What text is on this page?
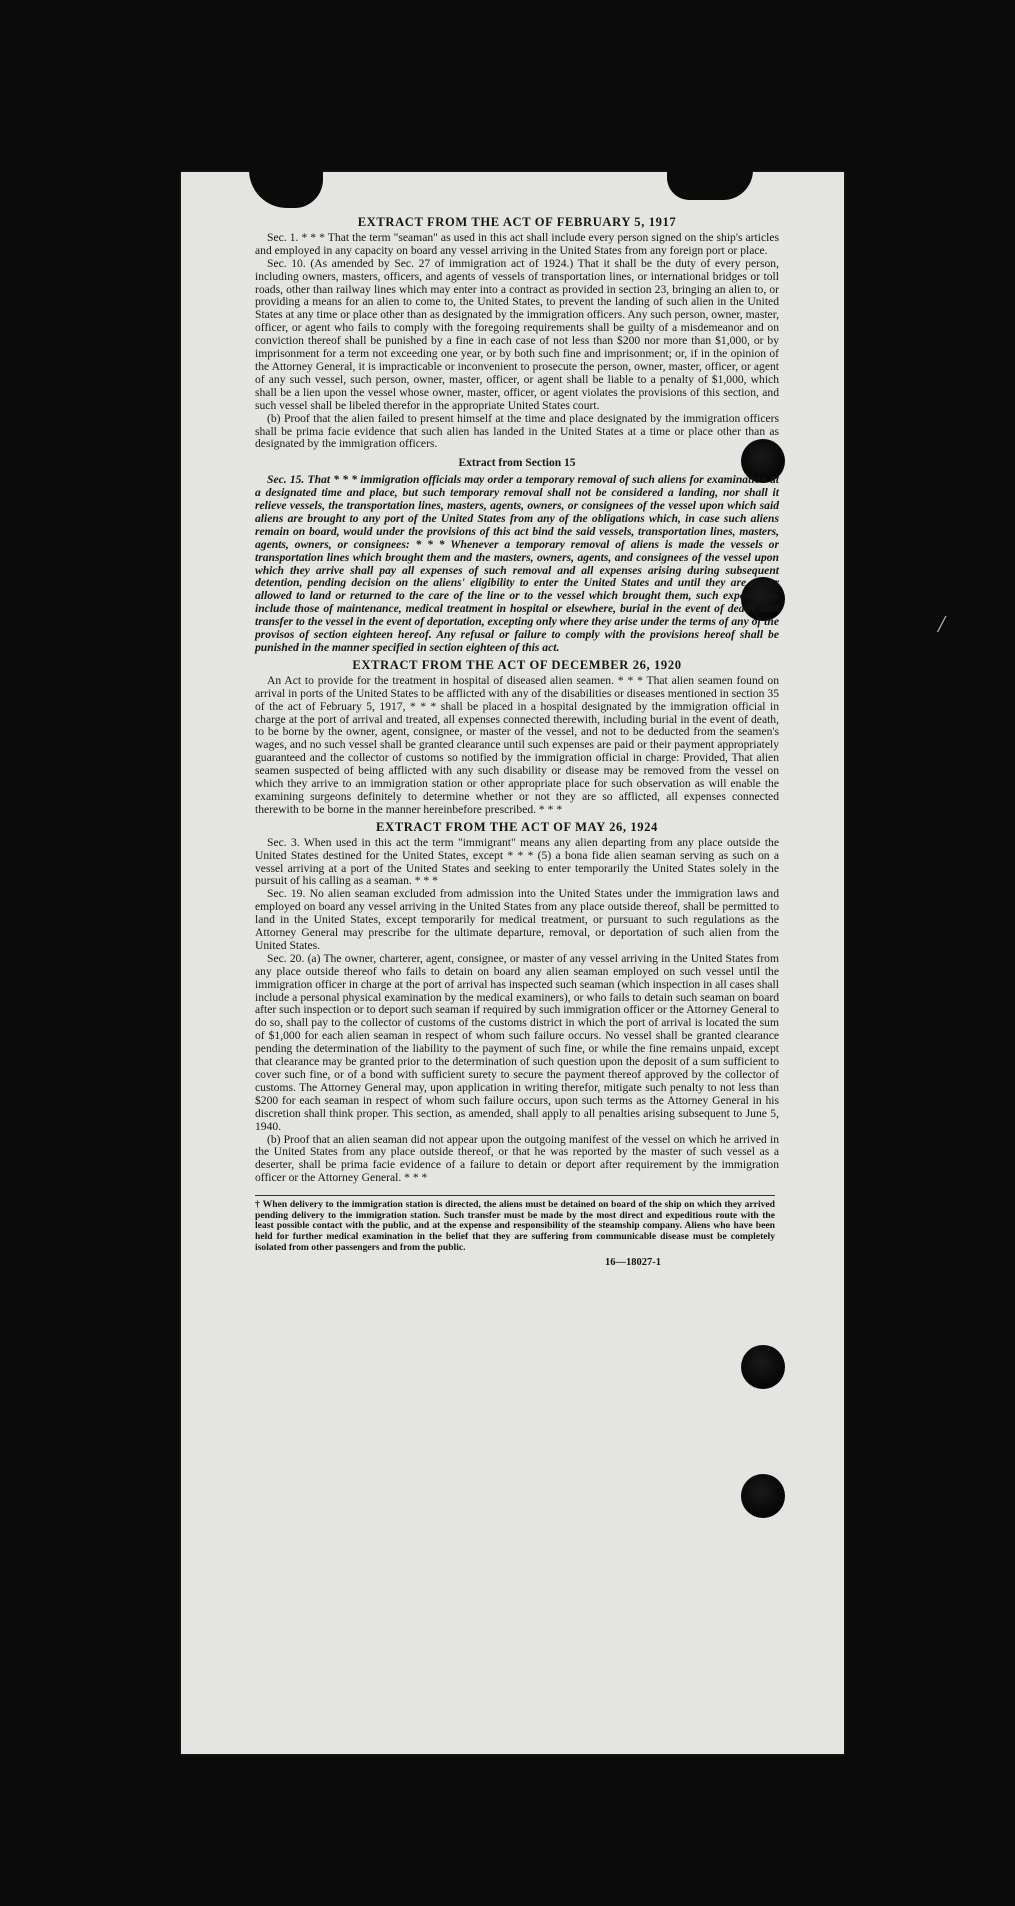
EXTRACT FROM THE ACT OF FEBRUARY 5, 1917

Sec. 1. * * * That the term "seaman" as used in this act shall include every person signed on the ship's articles and employed in any capacity on board any vessel arriving in the United States from any foreign port or place.

Sec. 10. (As amended by Sec. 27 of immigration act of 1924.) That it shall be the duty of every person, including owners, masters, officers, and agents of vessels of transportation lines, or international bridges or toll roads, other than railway lines which may enter into a contract as provided in section 23, bringing an alien to, or providing a means for an alien to come to, the United States, to prevent the landing of such alien in the United States at any time or place other than as designated by the immigration officers. Any such person, owner, master, officer, or agent who fails to comply with the foregoing requirements shall be guilty of a misdemeanor and on conviction thereof shall be punished by a fine in each case of not less than $200 nor more than $1,000, or by imprisonment for a term not exceeding one year, or by both such fine and imprisonment; or, if in the opinion of the Attorney General, it is impracticable or inconvenient to prosecute the person, owner, master, officer, or agent of any such vessel, such person, owner, master, officer, or agent shall be liable to a penalty of $1,000, which shall be a lien upon the vessel whose owner, master, officer, or agent violates the provisions of this section, and such vessel shall be libeled therefor in the appropriate United States court.

(b) Proof that the alien failed to present himself at the time and place designated by the immigration officers shall be prima facie evidence that such alien has landed in the United States at a time or place other than as designated by the immigration officers.

Extract from Section 15

Sec. 15. That * * * immigration officials may order a temporary removal of such aliens for examination at a designated time and place, but such temporary removal shall not be considered a landing, nor shall it relieve vessels, the transportation lines, masters, agents, owners, or consignees of the vessel upon which said aliens are brought to any port of the United States from any of the obligations which, in case such aliens remain on board, would under the provisions of this act bind the said vessels, transportation lines, masters, agents, owners, or consignees: * * * Whenever a temporary removal of aliens is made the vessels or transportation lines which brought them and the masters, owners, agents, and consignees of the vessel upon which they arrive shall pay all expenses of such removal and all expenses arising during subsequent detention, pending decision on the aliens' eligibility to enter the United States and until they are either allowed to land or returned to the care of the line or to the vessel which brought them, such expenses to include those of maintenance, medical treatment in hospital or elsewhere, burial in the event of death, and transfer to the vessel in the event of deportation, excepting only where they arise under the terms of any of the provisos of section eighteen hereof. Any refusal or failure to comply with the provisions hereof shall be punished in the manner specified in section eighteen of this act.

EXTRACT FROM THE ACT OF DECEMBER 26, 1920

An Act to provide for the treatment in hospital of diseased alien seamen. * * * That alien seamen found on arrival in ports of the United States to be afflicted with any of the disabilities or diseases mentioned in section 35 of the act of February 5, 1917, * * * shall be placed in a hospital designated by the immigration official in charge at the port of arrival and treated, all expenses connected therewith, including burial in the event of death, to be borne by the owner, agent, consignee, or master of the vessel, and not to be deducted from the seamen's wages, and no such vessel shall be granted clearance until such expenses are paid or their payment appropriately guaranteed and the collector of customs so notified by the immigration official in charge: Provided, That alien seamen suspected of being afflicted with any such disability or disease may be removed from the vessel on which they arrive to an immigration station or other appropriate place for such observation as will enable the examining surgeons definitely to determine whether or not they are so afflicted, all expenses connected therewith to be borne in the manner hereinbefore prescribed. * * *

EXTRACT FROM THE ACT OF MAY 26, 1924

Sec. 3. When used in this act the term "immigrant" means any alien departing from any place outside the United States destined for the United States, except * * * (5) a bona fide alien seaman serving as such on a vessel arriving at a port of the United States and seeking to enter temporarily the United States solely in the pursuit of his calling as a seaman. * * *

Sec. 19. No alien seaman excluded from admission into the United States under the immigration laws and employed on board any vessel arriving in the United States from any place outside thereof, shall be permitted to land in the United States, except temporarily for medical treatment, or pursuant to such regulations as the Attorney General may prescribe for the ultimate departure, removal, or deportation of such alien from the United States.

Sec. 20. (a) The owner, charterer, agent, consignee, or master of any vessel arriving in the United States from any place outside thereof who fails to detain on board any alien seaman employed on such vessel until the immigration officer in charge at the port of arrival has inspected such seaman (which inspection in all cases shall include a personal physical examination by the medical examiners), or who fails to detain such seaman on board after such inspection or to deport such seaman if required by such immigration officer or the Attorney General to do so, shall pay to the collector of customs of the customs district in which the port of arrival is located the sum of $1,000 for each alien seaman in respect of whom such failure occurs. No vessel shall be granted clearance pending the determination of the liability to the payment of such fine, or while the fine remains unpaid, except that clearance may be granted prior to the determination of such question upon the deposit of a sum sufficient to cover such fine, or of a bond with sufficient surety to secure the payment thereof approved by the collector of customs. The Attorney General may, upon application in writing therefor, mitigate such penalty to not less than $200 for each seaman in respect of whom such failure occurs, upon such terms as the Attorney General in his discretion shall think proper. This section, as amended, shall apply to all penalties arising subsequent to June 5, 1940.

(b) Proof that an alien seaman did not appear upon the outgoing manifest of the vessel on which he arrived in the United States from any place outside thereof, or that he was reported by the master of such vessel as a deserter, shall be prima facie evidence of a failure to detain or deport after requirement by the immigration officer or the Attorney General. * * *

† When delivery to the immigration station is directed, the aliens must be detained on board of the ship on which they arrived pending delivery to the immigration station. Such transfer must be made by the most direct and expeditious route with the least possible contact with the public, and at the expense and responsibility of the steamship company. Aliens who have been held for further medical examination in the belief that they are suffering from communicable disease must be completely isolated from other passengers and from the public.
16—18027-1
/
